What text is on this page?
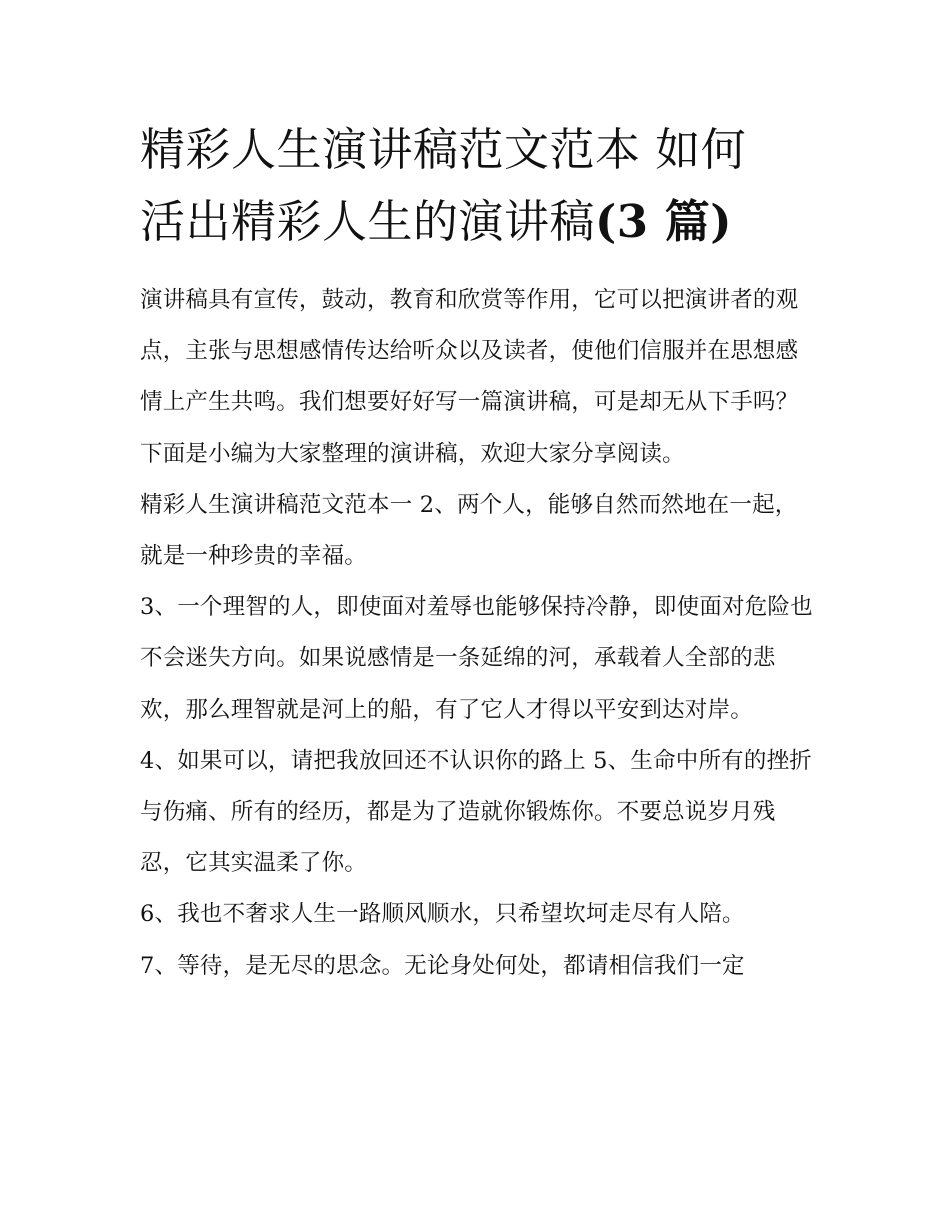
精彩人生演讲稿范文范本 如何
活出精彩人生的演讲稿(3 篇)

演讲稿具有宣传，鼓动，教育和欣赏等作用，它可以把演讲者的观点，主张与思想感情传达给听众以及读者，使他们信服并在思想感情上产生共鸣。我们想要好好写一篇演讲稿，可是却无从下手吗？下面是小编为大家整理的演讲稿，欢迎大家分享阅读。

精彩人生演讲稿范文范本一 2、两个人，能够自然而然地在一起，就是一种珍贵的幸福。

3、一个理智的人，即使面对羞辱也能够保持冷静，即使面对危险也不会迷失方向。如果说感情是一条延绵的河，承载着人全部的悲欢，那么理智就是河上的船，有了它人才得以平安到达对岸。

4、如果可以，请把我放回还不认识你的路上 5、生命中所有的挫折与伤痛、所有的经历，都是为了造就你锻炼你。不要总说岁月残忍，它其实温柔了你。

6、我也不奢求人生一路顺风顺水，只希望坎坷走尽有人陪。

7、等待，是无尽的思念。无论身处何处，都请相信我们一定
